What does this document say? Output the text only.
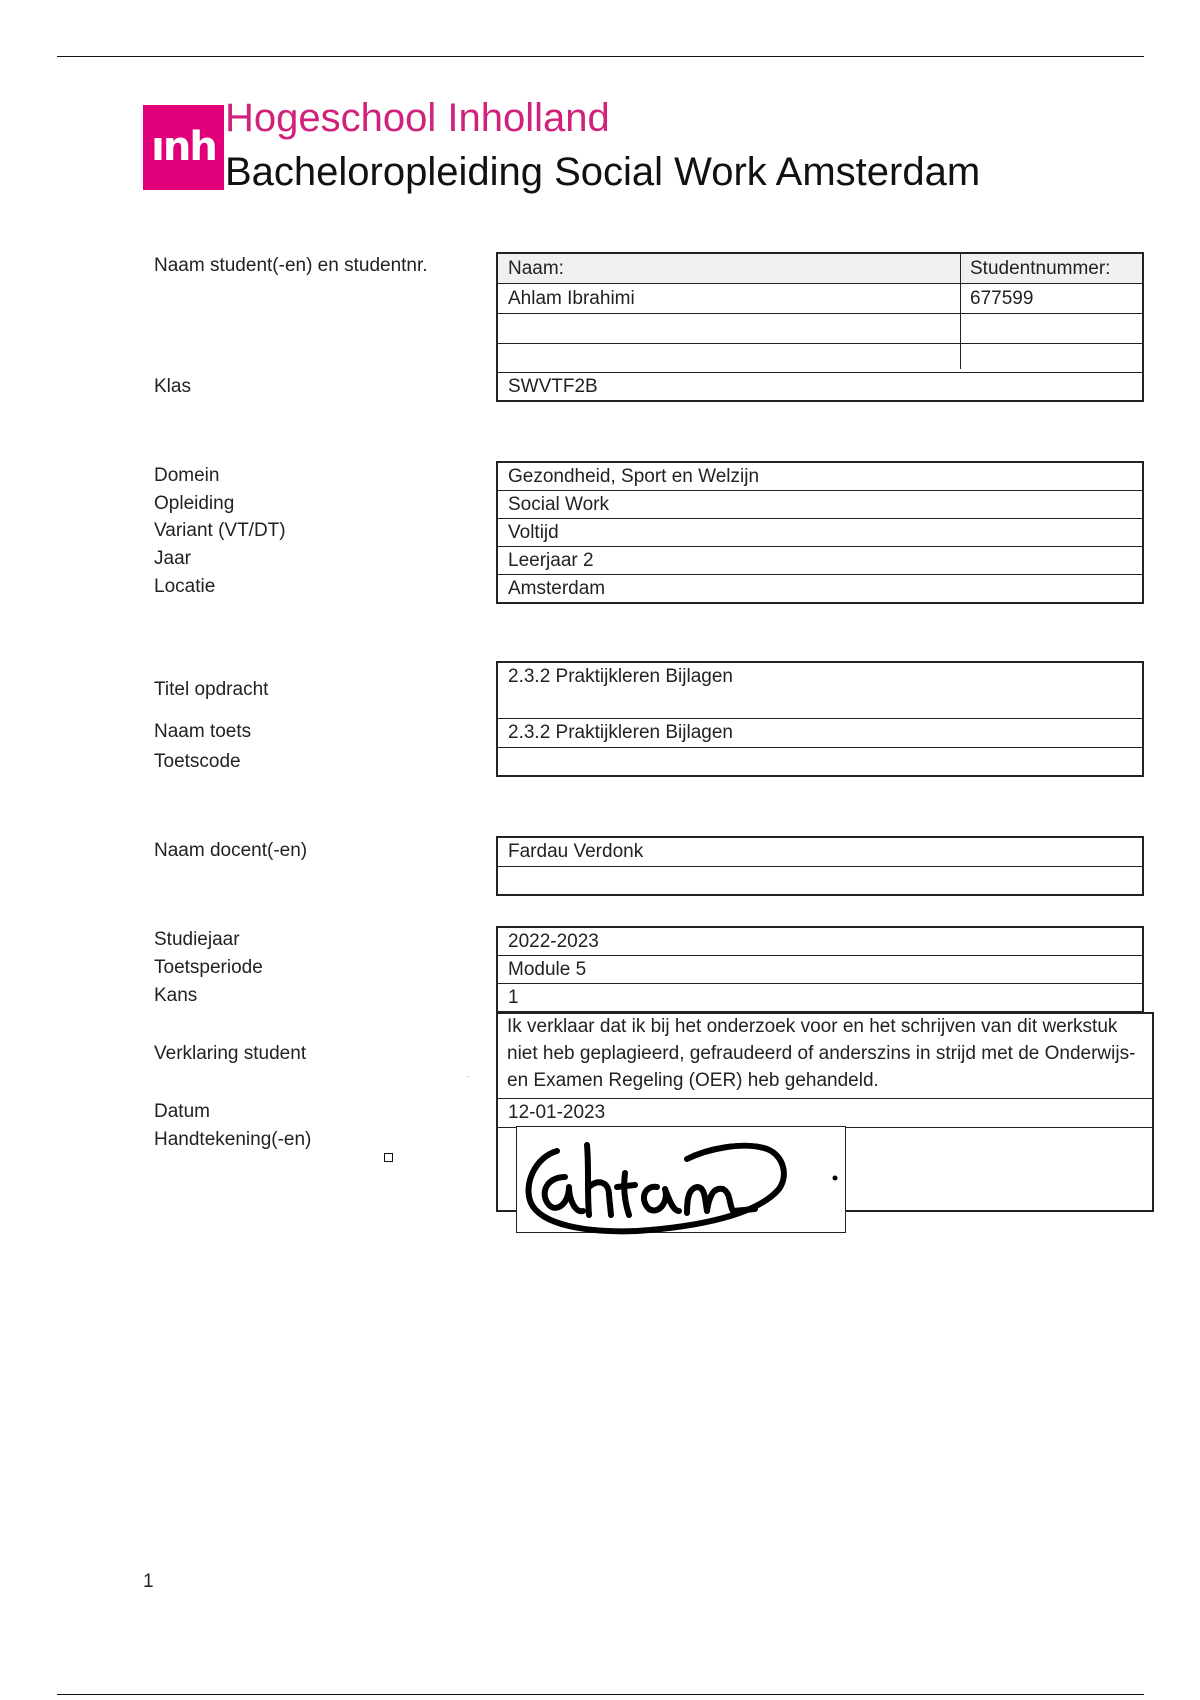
ınh
Hogeschool Inholland
Bacheloropleiding Social Work Amsterdam
Naam student(-en) en studentnr.
Klas
Domein
Opleiding
Variant (VT/DT)
Jaar
Locatie
Titel opdracht
Naam toets
Toetscode
Naam docent(-en)
Studiejaar
Toetsperiode
Kans
Verklaring student
Datum
Handtekening(-en)
SWVTF2B
Naam:	Studentnummer:
Ahlam Ibrahimi	677599
Gezondheid, Sport en Welzijn
Social Work
Voltijd
Leerjaar 2
Amsterdam
2.3.2 Praktijkleren Bijlagen
2.3.2 Praktijkleren Bijlagen
Fardau Verdonk
2022-2023
Module 5
1
12-01-2023
Ik verklaar dat ik bij het onderzoek voor en het schrijven van dit werkstuk niet heb geplagieerd, gefraudeerd of anderszins in strijd met de Onderwijs- en Examen Regeling (OER) heb gehandeld.
ahlam
1
